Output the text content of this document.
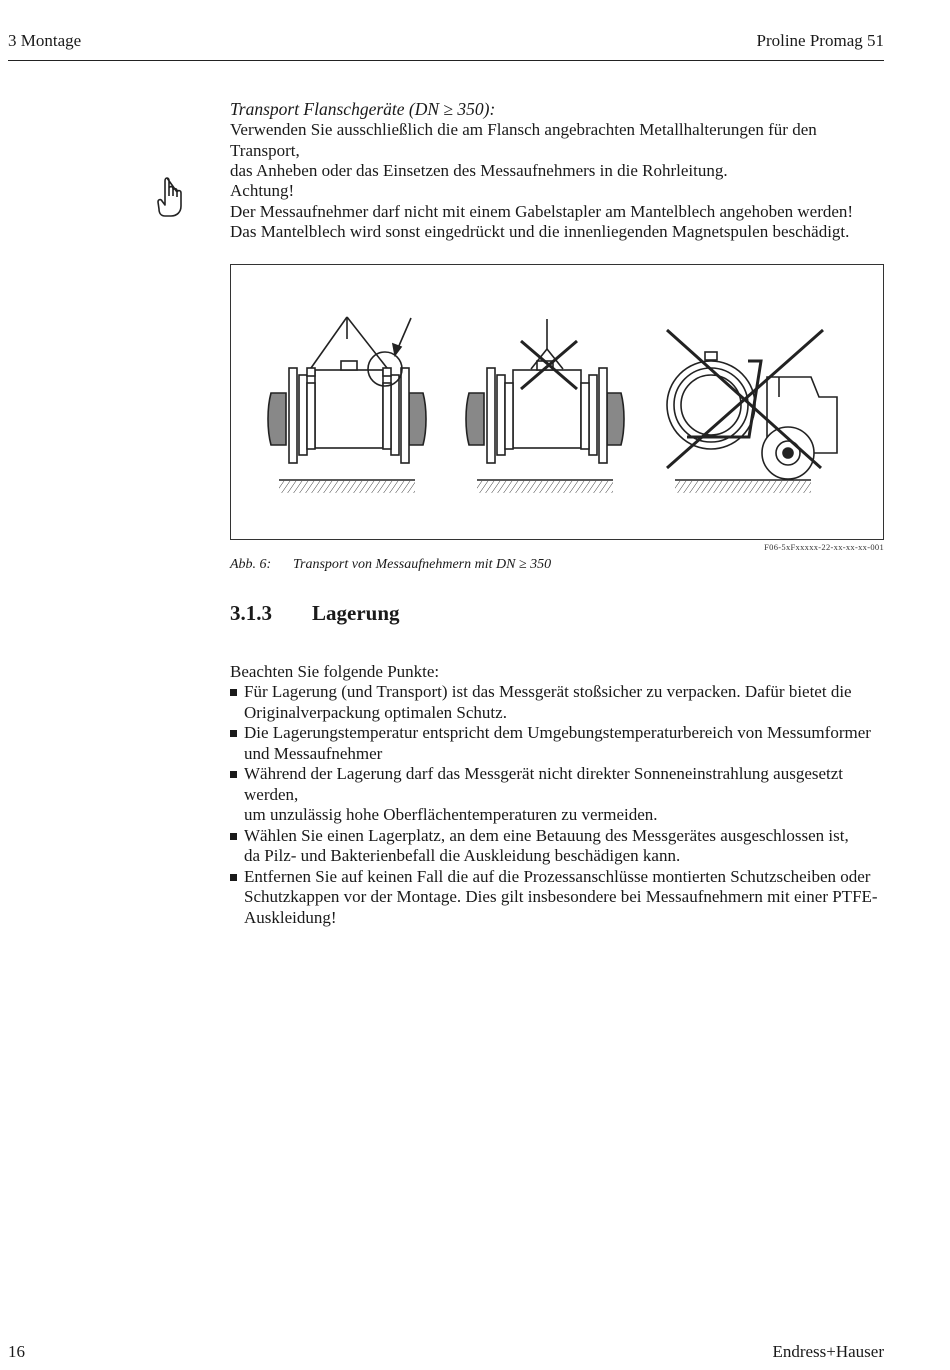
3 Montage	Proline Promag 51
Transport Flanschgeräte (DN ≥ 350):
Verwenden Sie ausschließlich die am Flansch angebrachten Metallhalterungen für den Transport,
das Anheben oder das Einsetzen des Messaufnehmers in die Rohrleitung.
Achtung!
Der Messaufnehmer darf nicht mit einem Gabelstapler am Mantelblech angehoben werden!
Das Mantelblech wird sonst eingedrückt und die innenliegenden Magnetspulen beschädigt.
F06-5xFxxxxx-22-xx-xx-xx-001
Abb. 6: Transport von Messaufnehmern mit DN ≥ 350
3.1.3 Lagerung
Beachten Sie folgende Punkte:
Für Lagerung (und Transport) ist das Messgerät stoßsicher zu verpacken. Dafür bietet die
Originalverpackung optimalen Schutz.
Die Lagerungstemperatur entspricht dem Umgebungstemperaturbereich von Messumformer
und Messaufnehmer
Während der Lagerung darf das Messgerät nicht direkter Sonneneinstrahlung ausgesetzt werden,
um unzulässig hohe Oberflächentemperaturen zu vermeiden.
Wählen Sie einen Lagerplatz, an dem eine Betauung des Messgerätes ausgeschlossen ist,
da Pilz- und Bakterienbefall die Auskleidung beschädigen kann.
Entfernen Sie auf keinen Fall die auf die Prozessanschlüsse montierten Schutzscheiben oder
Schutzkappen vor der Montage. Dies gilt insbesondere bei Messaufnehmern mit einer PTFE-
Auskleidung!
16	Endress+Hauser
